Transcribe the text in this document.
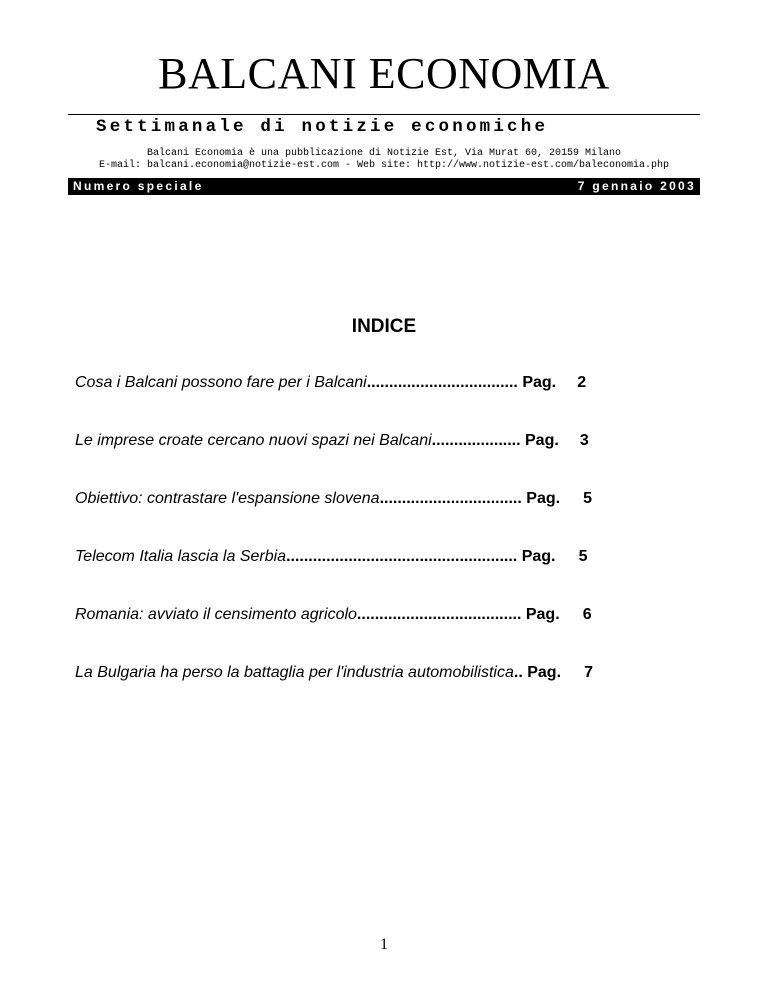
BALCANI ECONOMIA
Settimanale di notizie economiche
Balcani Economia è una pubblicazione di Notizie Est, Via Murat 60, 20159 Milano
E-mail: balcani.economia@notizie-est.com - Web site: http://www.notizie-est.com/baleconomia.php
Numero speciale	7 gennaio 2003
INDICE
Cosa i Balcani possono fare per i Balcani.................................. Pag. 2
Le imprese croate cercano nuovi spazi nei Balcani.................... Pag. 3
Obiettivo: contrastare l'espansione slovena................................ Pag. 5
Telecom Italia lascia la Serbia.................................................... Pag. 5
Romania: avviato il censimento agricolo..................................... Pag. 6
La Bulgaria ha perso la battaglia per l'industria automobilistica.. Pag. 7
1
